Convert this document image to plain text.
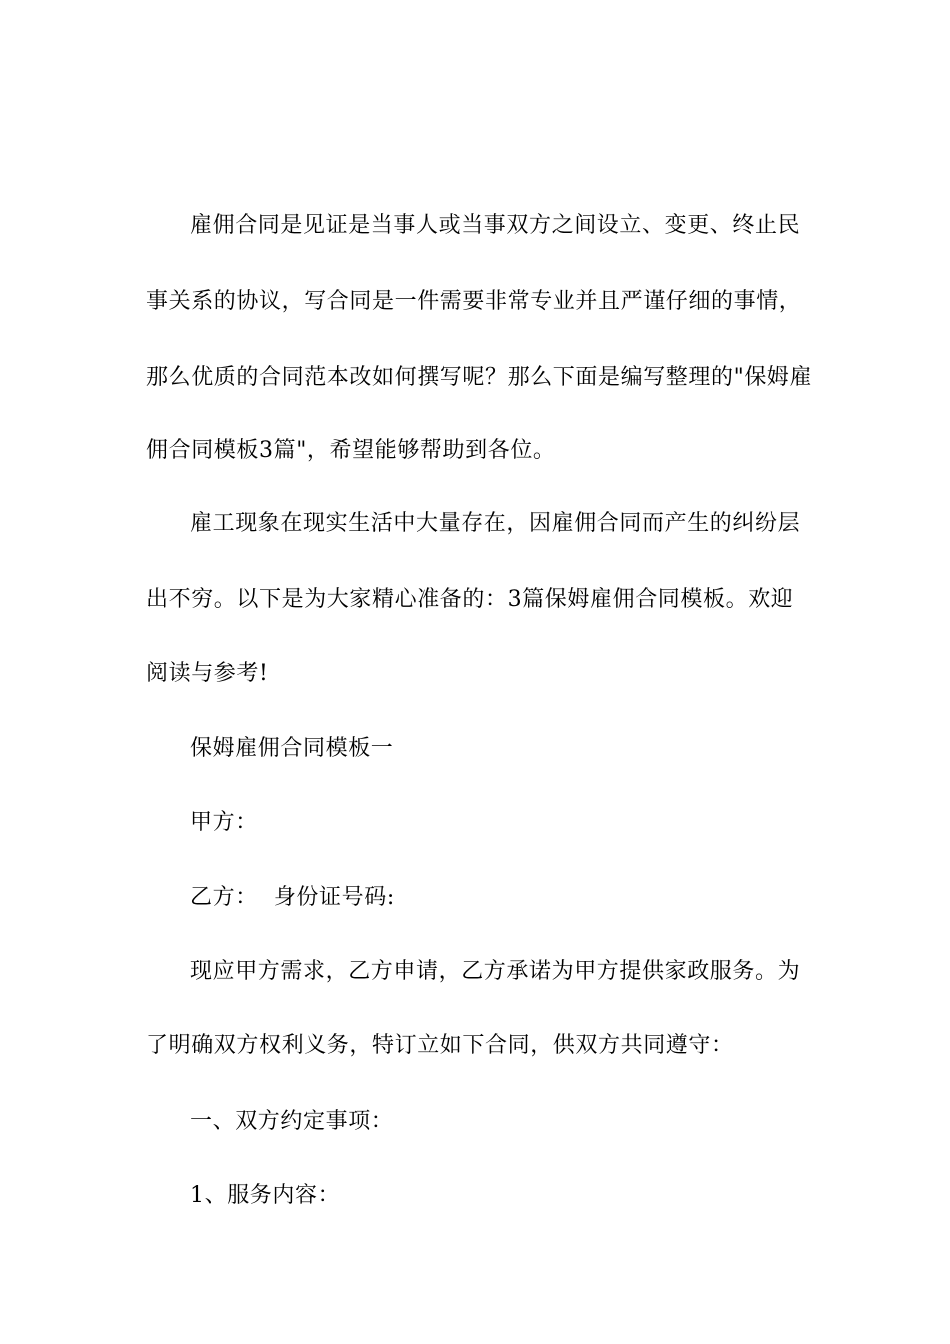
雇佣合同是见证是当事人或当事双方之间设立、变更、终止民
事关系的协议，写合同是一件需要非常专业并且严谨仔细的事情，
那么优质的合同范本改如何撰写呢？那么下面是编写整理的"保姆雇
佣合同模板3篇"，希望能够帮助到各位。
雇工现象在现实生活中大量存在，因雇佣合同而产生的纠纷层
出不穷。以下是为大家精心准备的：3篇保姆雇佣合同模板。欢迎
阅读与参考!
保姆雇佣合同模板一
甲方：
乙方： 身份证号码:
现应甲方需求，乙方申请，乙方承诺为甲方提供家政服务。为
了明确双方权利义务，特订立如下合同，供双方共同遵守：
一、双方约定事项：
1、服务内容：
